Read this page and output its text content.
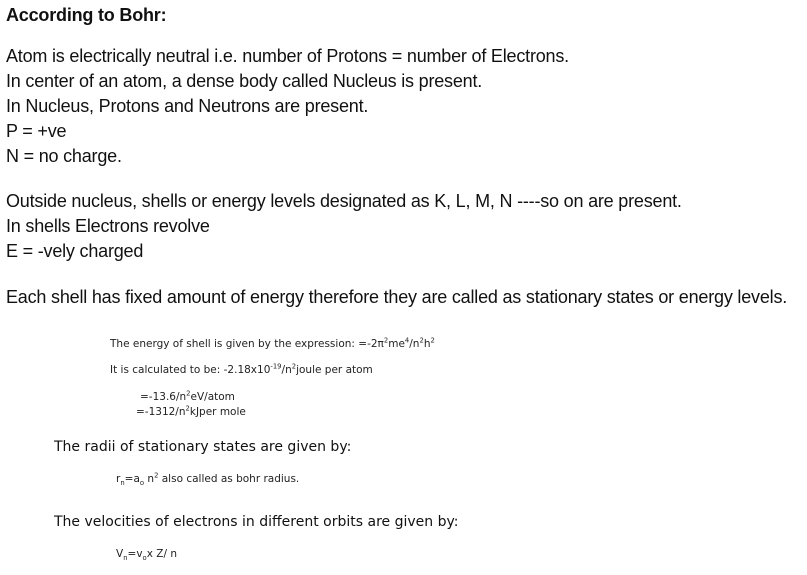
According to Bohr:
Atom is electrically neutral i.e. number of Protons = number of Electrons.
In center of an atom, a dense body called Nucleus is present.
In Nucleus, Protons and Neutrons are present.
P = +ve
N = no charge.
Outside nucleus, shells or energy levels designated as K, L, M, N ----so on are present.
In shells Electrons revolve
E = -vely charged
Each shell has fixed amount of energy therefore they are called as stationary states or energy levels.
The energy of shell is given by the expression: $=-2\pi^2me^4/n^2h^2$
It is calculated to be: $-2.18x10^{-19}/n^2joule$ per atom
$=-13.6/n^2eV$/atom
$=-1312/n^2kJper$ mole
The radii of stationary states are given by:
$r_n=a_o$ $n^2$ also called as bohr radius.
The velocities of electrons in different orbits are given by:
$V_n=v_ox$ Z/ n
